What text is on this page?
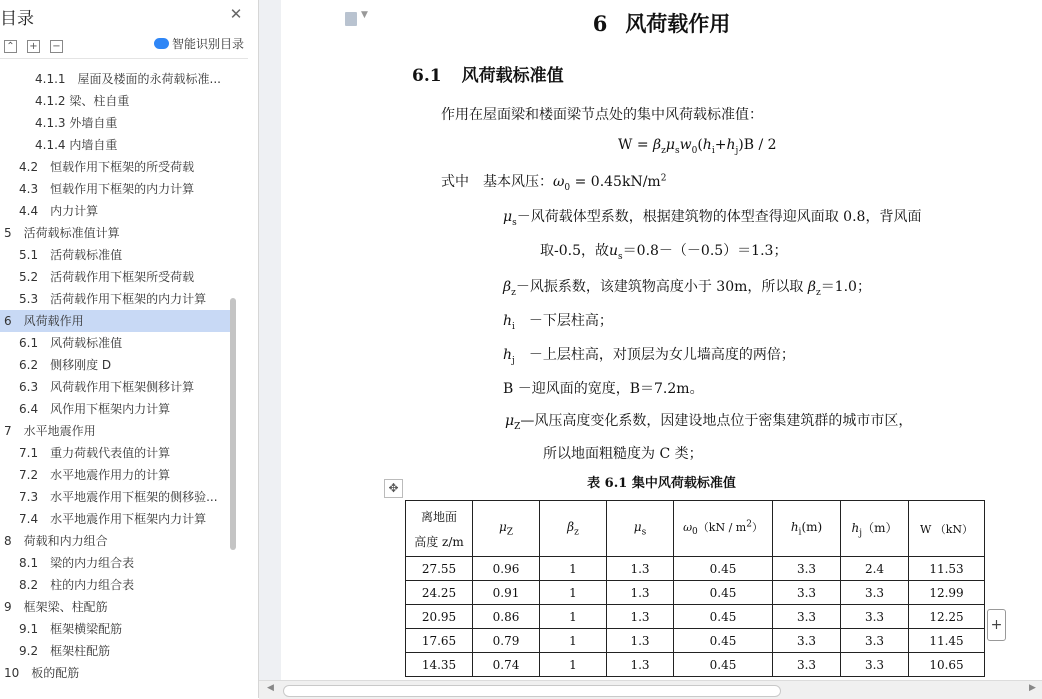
目录	✕
⌃ + −	智能识别目录
4.1.1　屋面及楼面的永荷载标准...
4.1.2 梁、柱自重
4.1.3 外墙自重
4.1.4 内墙自重
4.2　恒载作用下框架的所受荷载
4.3　恒载作用下框架的内力计算
4.4　内力计算
5　活荷载标准值计算
5.1　活荷载标准值
5.2　活荷载作用下框架所受荷载
5.3　活荷载作用下框架的内力计算
6　风荷载作用
6.1　风荷载标准值
6.2　侧移刚度 D
6.3　风荷载作用下框架侧移计算
6.4　风作用下框架内力计算
7　水平地震作用
7.1　重力荷载代表值的计算
7.2　水平地震作用力的计算
7.3　水平地震作用下框架的侧移验...
7.4　水平地震作用下框架内力计算
8　荷载和内力组合
8.1　梁的内力组合表
8.2　柱的内力组合表
9　框架梁、柱配筋
9.1　框架横梁配筋
9.2　框架柱配筋
10　板的配筋
▼	6 风荷载作用
6.1 风荷载标准值
作用在屋面梁和楼面梁节点处的集中风荷载标准值：
$W = \beta_z\mu_sw_0(h_i+h_j)B / 2$
式中　 基本风压：$\omega_0 = 0.45kN/m^2$
$\mu_s-$风荷载体型系数，根据建筑物的体型查得迎风面取 0.8，背风面
取-0.5，故$u_s=0.8-(-0.5)=1.3$；
$\beta_z-$风振系数，该建筑物高度小于 30m，所以取 $\beta_z=1.0$；
$h_i$　 －下层柱高；
$h_j$　 －上层柱高，对顶层为女儿墙高度的两倍；
B －迎风面的宽度，B＝7.2m。
$\mu_Z—$风压高度变化系数，因建设地点位于密集建筑群的城市市区，
所以地面粗糙度为 C 类；
表 6.1 集中风荷载标准值
✥
离地面
高度 z/m	$\mu_Z$	$\beta_z$	$\mu_s$	$\omega_0(kN / m^2)$	$h_i(m)$	$h_j(m)$	W （kN）
27.55	0.96	1	1.3	0.45	3.3	2.4	11.53
24.25	0.91	1	1.3	0.45	3.3	3.3	12.99
20.95	0.86	1	1.3	0.45	3.3	3.3	12.25
17.65	0.79	1	1.3	0.45	3.3	3.3	11.45
14.35	0.74	1	1.3	0.45	3.3	3.3	10.65
+
◀	▶
